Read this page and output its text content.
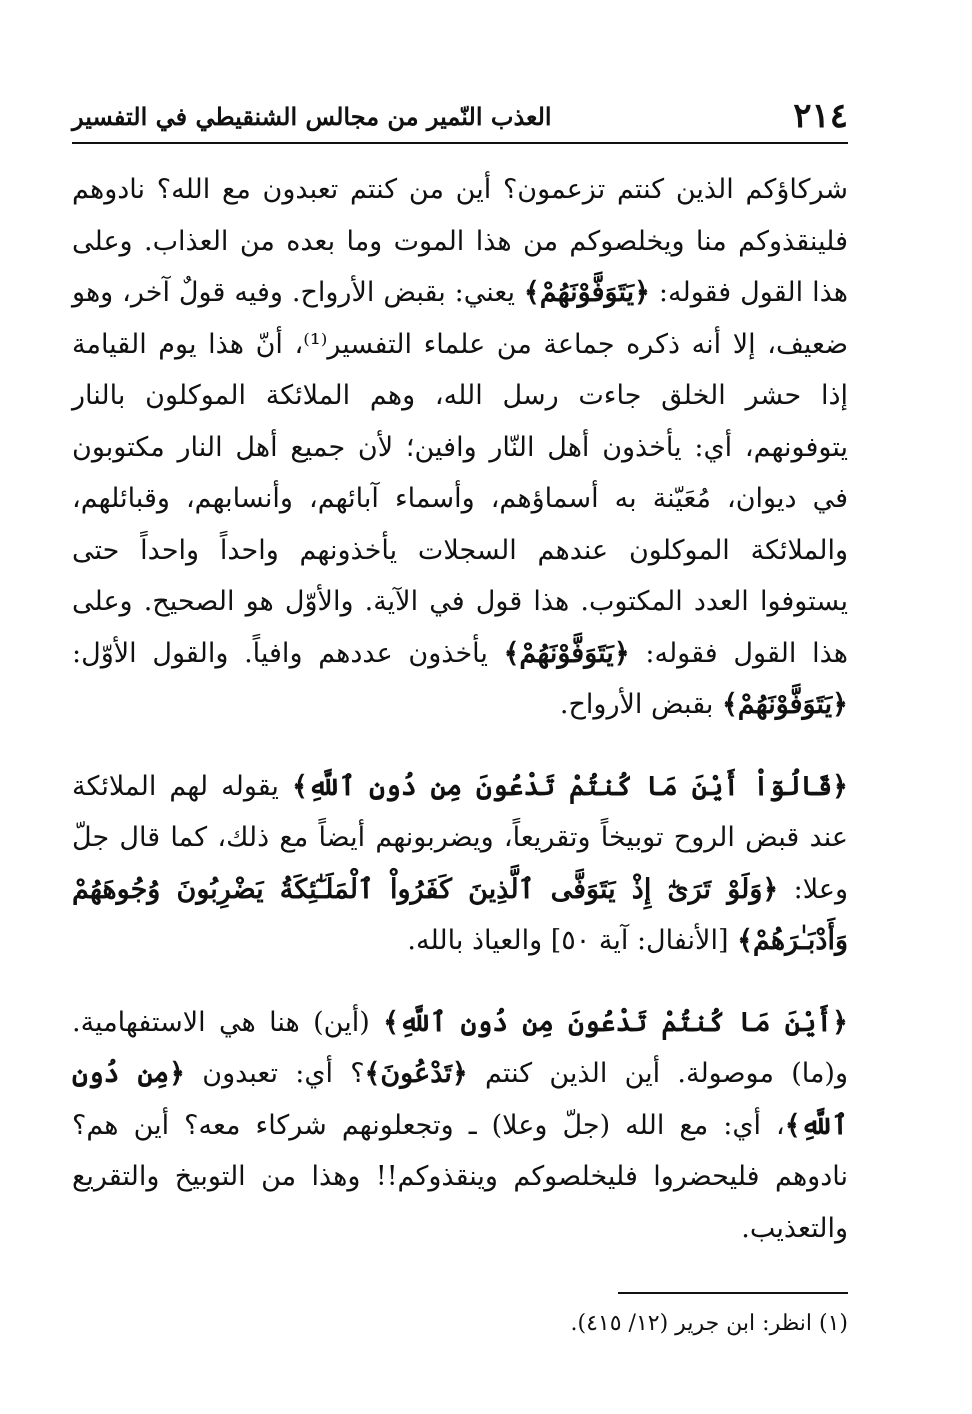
٢١٤
العذب النّمير من مجالس الشنقيطي في التفسير

شركاؤكم الذين كنتم تزعمون؟ أين من كنتم تعبدون مع الله؟ نادوهم فلينقذوكم منا ويخلصوكم من هذا الموت وما بعده من العذاب. وعلى هذا القول فقوله: ﴿يَتَوَفَّوْنَهُمْ﴾ يعني: بقبض الأرواح. وفيه قولٌ آخر، وهو ضعيف، إلا أنه ذكره جماعة من علماء التفسير⁽¹⁾، أنّ هذا يوم القيامة إذا حشر الخلق جاءت رسل الله، وهم الملائكة الموكلون بالنار يتوفونهم، أي: يأخذون أهل النّار وافين؛ لأن جميع أهل النار مكتوبون في ديوان، مُعَيّنة به أسماؤهم، وأسماء آبائهم، وأنسابهم، وقبائلهم، والملائكة الموكلون عندهم السجلات يأخذونهم واحداً واحداً حتى يستوفوا العدد المكتوب. هذا قول في الآية. والأوّل هو الصحيح. وعلى هذا القول فقوله: ﴿يَتَوَفَّوْنَهُمْ﴾ يأخذون عددهم وافياً. والقول الأوّل: ﴿يَتَوَفَّوْنَهُمْ﴾ بقبض الأرواح.

﴿قَالُوٓاْ أَيْنَ مَا كُنتُمْ تَدْعُونَ مِن دُونِ ٱللَّهِ﴾ يقوله لهم الملائكة عند قبض الروح توبيخاً وتقريعاً، ويضربونهم أيضاً مع ذلك، كما قال جلّ وعلا: ﴿وَلَوْ تَرَىٰٓ إِذْ يَتَوَفَّى ٱلَّذِينَ كَفَرُواْ ٱلْمَلَـٰٓئِكَةُ يَضْرِبُونَ وُجُوهَهُمْ وَأَدْبَـٰرَهُمْ﴾ [الأنفال: آية ٥٠] والعياذ بالله.

﴿أَيْنَ مَا كُنتُمْ تَدْعُونَ مِن دُونِ ٱللَّهِ﴾ (أين) هنا هي الاستفهامية. و(ما) موصولة. أين الذين كنتم ﴿تَدْعُونَ﴾؟ أي: تعبدون ﴿مِن دُونِ ٱللَّهِ﴾، أي: مع الله (جلّ وعلا) ـ وتجعلونهم شركاء معه؟ أين هم؟ نادوهم فليحضروا فليخلصوكم وينقذوكم!! وهذا من التوبيخ والتقريع والتعذيب.

(١) انظر: ابن جرير (١٢/ ٤١٥).
